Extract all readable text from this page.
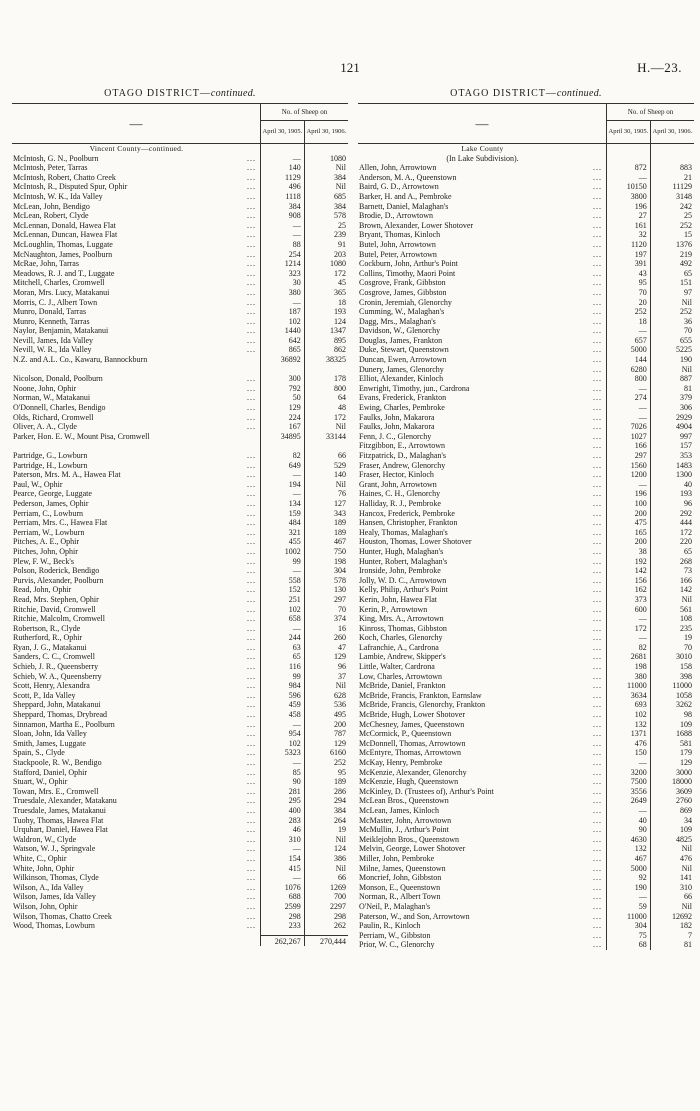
121	H.—23.
OTAGO DISTRICT—continued.
—	No. of Sheep on	
	April 30, 1905.	April 30, 1906.
Vincent County—continued.		
McIntosh, G. N., Poolburn ...	—	1080
McIntosh, Peter, Tarras ...	140	Nil
McIntosh, Robert, Chatto Creek ...	1129	384
McIntosh, R., Disputed Spur, Ophir ...	496	Nil
McIntosh, W. K., Ida Valley ...	1118	685
McLean, John, Bendigo ...	384	384
McLean, Robert, Clyde ...	908	578
McLennan, Donald, Hawea Flat ...	—	25
McLennan, Duncan, Hawea Flat ...	—	239
McLoughlin, Thomas, Luggate ...	88	91
McNaughton, James, Poolburn ...	254	203
McRae, John, Tarras ...	1214	1080
Meadows, R. J. and T., Luggate ...	323	172
Mitchell, Charles, Cromwell ...	30	45
Moran, Mrs. Lucy, Matakanui ...	380	365
Morris, C. J., Albert Town ...	—	18
Munro, Donald, Tarras ...	187	193
Munro, Kenneth, Tarras ...	102	124
Naylor, Benjamin, Matakanui ...	1440	1347
Nevill, James, Ida Valley ...	642	895
Nevill, W. R., Ida Valley ...	865	862
N.Z. and A.L. Co., Kawaru, Bannockburn	36892	38325
Nicolson, Donald, Poolburn ...	300	178
Noone, John, Ophir ...	792	800
Norman, W., Matakanui ...	50	64
O'Donnell, Charles, Bendigo ...	129	48
Olds, Richard, Cromwell ...	224	172
Oliver, A. A., Clyde ...	167	Nil
Parker, Hon. E. W., Mount Pisa, Cromwell	34895	33144
Partridge, G., Lowburn ...	82	66
Partridge, H., Lowburn ...	649	529
Paterson, Mrs. M. A., Hawea Flat ...	—	140
Paul, W., Ophir ...	194	Nil
Pearce, George, Luggate ...	—	76
Pederson, James, Ophir ...	134	127
Perriam, C., Lowburn ...	159	343
Perriam, Mrs. C., Hawea Flat ...	484	189
Perriam, W., Lowburn ...	321	189
Pitches, A. E., Ophir ...	455	467
Pitches, John, Ophir ...	1002	750
Plew, F. W., Beck's ...	99	198
Polson, Roderick, Bendigo ...	—	304
Purvis, Alexander, Poolburn ...	558	578
Read, John, Ophir ...	152	130
Read, Mrs. Stephen, Ophir ...	251	297
Ritchie, David, Cromwell ...	102	70
Ritchie, Malcolm, Cromwell ...	658	374
Robertson, R., Clyde ...	—	16
Rutherford, R., Ophir ...	244	260
Ryan, J. G., Matakanui ...	63	47
Sanders, C. C., Cromwell ...	65	129
Schieb, J. R., Queensberry ...	116	96
Schieb, W. A., Queensberry ...	99	37
Scott, Henry, Alexandra ...	984	Nil
Scott, P., Ida Valley ...	596	628
Sheppard, John, Matakanui ...	459	536
Sheppard, Thomas, Drybread ...	458	495
Sinnamon, Martha E., Poolburn ...	—	200
Sloan, John, Ida Valley ...	954	787
Smith, James, Luggate ...	102	129
Spain, S., Clyde ...	5323	6160
Stackpoole, R. W., Bendigo ...	—	252
Stafford, Daniel, Ophir ...	85	95
Stuart, W., Ophir ...	90	189
Towan, Mrs. E., Cromwell ...	281	286
Truesdale, Alexander, Matakanu ...	295	294
Truesdale, James, Matakanui ...	400	384
Tuohy, Thomas, Hawea Flat ...	283	264
Urquhart, Daniel, Hawea Flat ...	46	19
Waldron, W., Clyde ...	310	Nil
Watson, W. J., Springvale ...	—	124
White, C., Ophir ...	154	386
White, John, Ophir ...	415	Nil
Wilkinson, Thomas, Clyde ...	—	66
Wilson, A., Ida Valley ...	1076	1269
Wilson, James, Ida Valley ...	688	700
Wilson, John, Ophir ...	2599	2297
Wilson, Thomas, Chatto Creek ...	298	298
Wood, Thomas, Lowburn ...	233	262

	262,267	270,444
OTAGO DISTRICT—continued.
—	No. of Sheep on	
	April 30, 1905.	April 30, 1906.
Lake County		
(In Lake Subdivision).		
Allen, John, Arrowtown ...	872	883
Anderson, M. A., Queenstown ...	—	21
Baird, G. D., Arrowtown ...	10150	11129
Barker, H. and A., Pembroke ...	3800	3148
Barnett, Daniel, Malaghan's ...	196	242
Brodie, D., Arrowtown ...	27	25
Brown, Alexander, Lower Shotover ...	161	252
Bryant, Thomas, Kinloch ...	32	15
Butel, John, Arrowtown ...	1120	1376
Butel, Peter, Arrowtown ...	197	219
Cockburn, John, Arthur's Point ...	391	492
Collins, Timothy, Maori Point ...	43	65
Cosgrove, Frank, Gibbston ...	95	151
Cosgrove, James, Gibbston ...	70	97
Cronin, Jeremiah, Glenorchy ...	20	Nil
Cumming, W., Malaghan's ...	252	252
Dagg, Mrs., Malaghan's ...	18	36
Davidson, W., Glenorchy ...	—	70
Douglas, James, Frankton ...	657	655
Duke, Stewart, Queenstown ...	5000	5225
Duncan, Ewen, Arrowtown ...	144	190
Dunery, James, Glenorchy ...	6280	Nil
Elliot, Alexander, Kinloch ...	800	887
Enwright, Timothy, jun., Cardrona ...	—	81
Evans, Frederick, Frankton ...	274	379
Ewing, Charles, Pembroke ...	—	306
Faulks, John, Makarora ...	—	2929
Faulks, John, Makarora ...	7026	4904
Fenn, J. C., Glenorchy ...	1027	997
Fitzgibbon, E., Arrowtown ...	166	157
Fitzpatrick, D., Malaghan's ...	297	353
Fraser, Andrew, Glenorchy ...	1560	1483
Fraser, Hector, Kinloch ...	1200	1300
Grant, John, Arrowtown ...	—	40
Haines, C. H., Glenorchy ...	196	193
Halliday, R. J., Pembroke ...	100	96
Hancox, Frederick, Pembroke ...	200	292
Hansen, Christopher, Frankton ...	475	444
Healy, Thomas, Malaghan's ...	165	172
Houston, Thomas, Lower Shotover ...	200	220
Hunter, Hugh, Malaghan's ...	38	65
Hunter, Robert, Malaghan's ...	192	268
Ironside, John, Pembroke ...	142	73
Jolly, W. D. C., Arrowtown ...	156	166
Kelly, Philip, Arthur's Point ...	162	142
Kerin, John, Hawea Flat ...	373	Nil
Kerin, P., Arrowtown ...	600	561
King, Mrs. A., Arrowtown ...	—	108
Kinross, Thomas, Gibbston ...	172	235
Koch, Charles, Glenorchy ...	—	19
Lafranchie, A., Cardrona ...	82	70
Lambie, Andrew, Skipper's ...	2681	3010
Little, Walter, Cardrona ...	198	158
Low, Charles, Arrowtown ...	380	398
McBride, Daniel, Frankton ...	11000	11000
McBride, Francis, Frankton, Earnslaw ...	3634	1058
McBride, Francis, Glenorchy, Frankton ...	693	3262
McBride, Hugh, Lower Shotover ...	102	98
McChesney, James, Queenstown ...	132	109
McCormick, P., Queenstown ...	1371	1688
McDonnell, Thomas, Arrowtown ...	476	581
McEntyre, Thomas, Arrowtown ...	150	179
McKay, Henry, Pembroke ...	—	129
McKenzie, Alexander, Glenorchy ...	3200	3000
McKenzie, Hugh, Queenstown ...	7500	18000
McKinley, D. (Trustees of), Arthur's Point ...	3556	3609
McLean Bros., Queenstown ...	2649	2760
McLean, James, Kinloch ...	—	869
McMaster, John, Arrowtown ...	40	34
McMullin, J., Arthur's Point ...	90	109
Meiklejohn Bros., Queenstown ...	4630	4825
Melvin, George, Lower Shotover ...	132	Nil
Miller, John, Pembroke ...	467	476
Milne, James, Queenstown ...	5000	Nil
Moncrief, John, Gibbston ...	92	141
Monson, E., Queenstown ...	190	310
Norman, R., Albert Town ...	—	66
O'Neil, P., Malaghan's ...	59	Nil
Paterson, W., and Son, Arrowtown ...	11000	12692
Paulin, R., Kinloch ...	304	182
Perriam, W., Gibbston ...	75	7
Prior, W. C., Glenorchy ...	68	81
